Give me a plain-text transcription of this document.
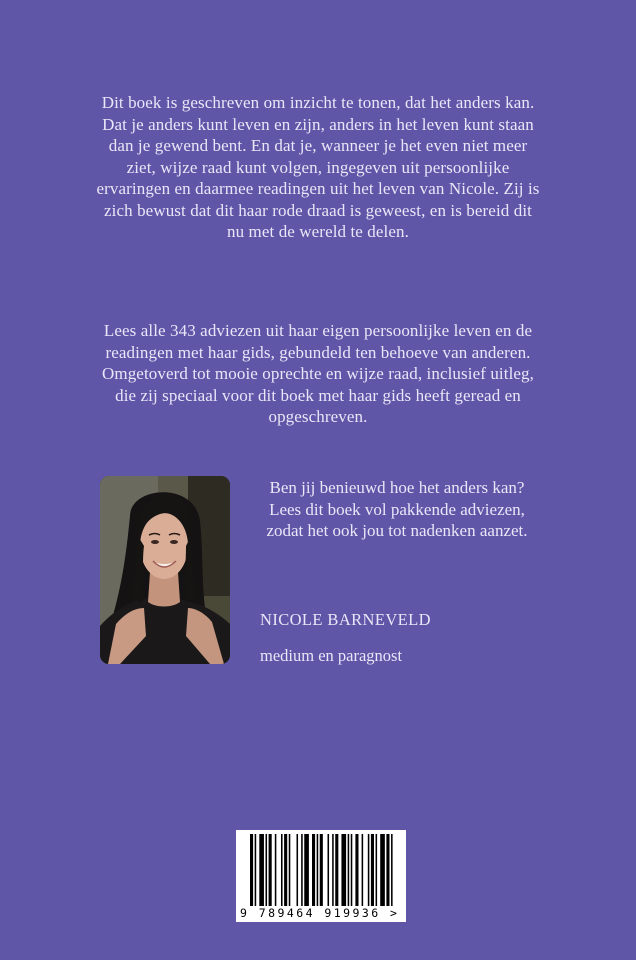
Dit boek is geschreven om inzicht te tonen, dat het anders kan. Dat je anders kunt leven en zijn, anders in het leven kunt staan dan je gewend bent. En dat je, wanneer je het even niet meer ziet, wijze raad kunt volgen, ingegeven uit persoonlijke ervaringen en daarmee readingen uit het leven van Nicole. Zij is zich bewust dat dit haar rode draad is geweest, en is bereid dit nu met de wereld te delen.
Lees alle 343 adviezen uit haar eigen persoonlijke leven en de readingen met haar gids, gebundeld ten behoeve van anderen. Omgetoverd tot mooie oprechte en wijze raad, inclusief uitleg, die zij speciaal voor dit boek met haar gids heeft geread en opgeschreven.
Ben jij benieuwd hoe het anders kan? Lees dit boek vol pakkende adviezen, zodat het ook jou tot nadenken aanzet.
NICOLE BARNEVELD
medium en paragnost
9 789464 919936 >
